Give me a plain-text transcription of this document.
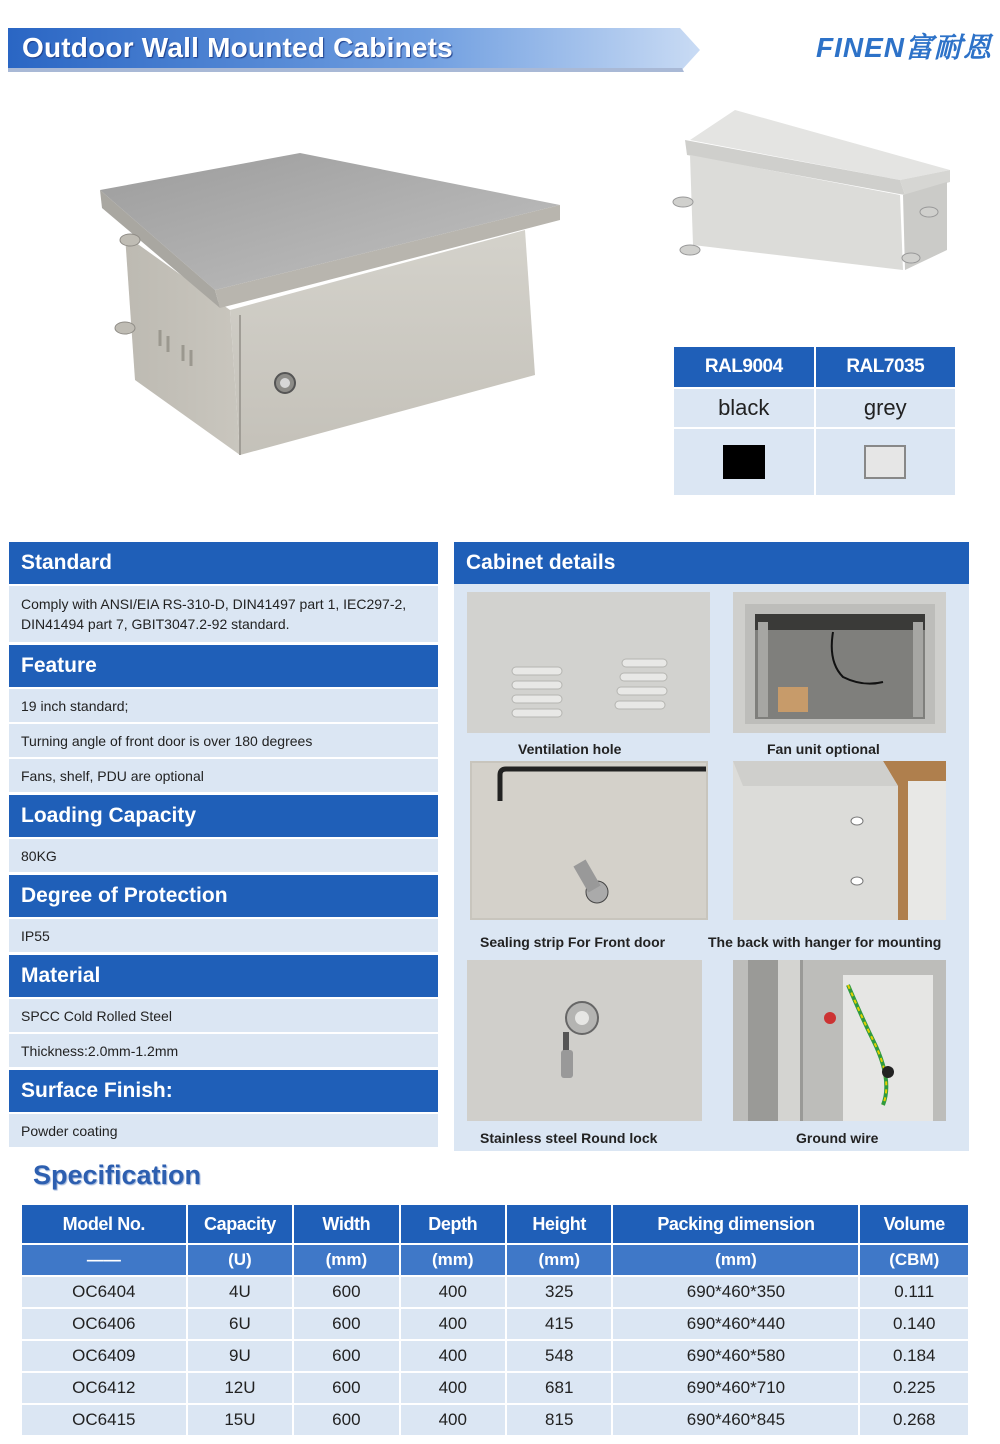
Outdoor Wall Mounted Cabinets	FINEN富耐恩
RAL9004	RAL7035
black	grey
Standard
Comply with ANSI/EIA RS-310-D, DIN41497 part 1, IEC297-2,
DIN41494 part 7, GBIT3047.2-92 standard.
Feature
19 inch standard;
Turning angle of front door is over 180 degrees
Fans, shelf, PDU are optional
Loading Capacity
80KG
Degree of Protection
IP55
Material
SPCC Cold Rolled Steel
Thickness:2.0mm-1.2mm
Surface Finish:
Powder coating
Cabinet details
Ventilation hole	Fan unit optional
Sealing strip For Front door	The back with hanger for mounting
Stainless steel Round lock	Ground wire
Specification
Model No.	Capacity	Width	Depth	Height	Packing dimension	Volume
——	(U)	(mm)	(mm)	(mm)	(mm)	(CBM)
OC6404	4U	600	400	325	690*460*350	0.111
OC6406	6U	600	400	415	690*460*440	0.140
OC6409	9U	600	400	548	690*460*580	0.184
OC6412	12U	600	400	681	690*460*710	0.225
OC6415	15U	600	400	815	690*460*845	0.268
